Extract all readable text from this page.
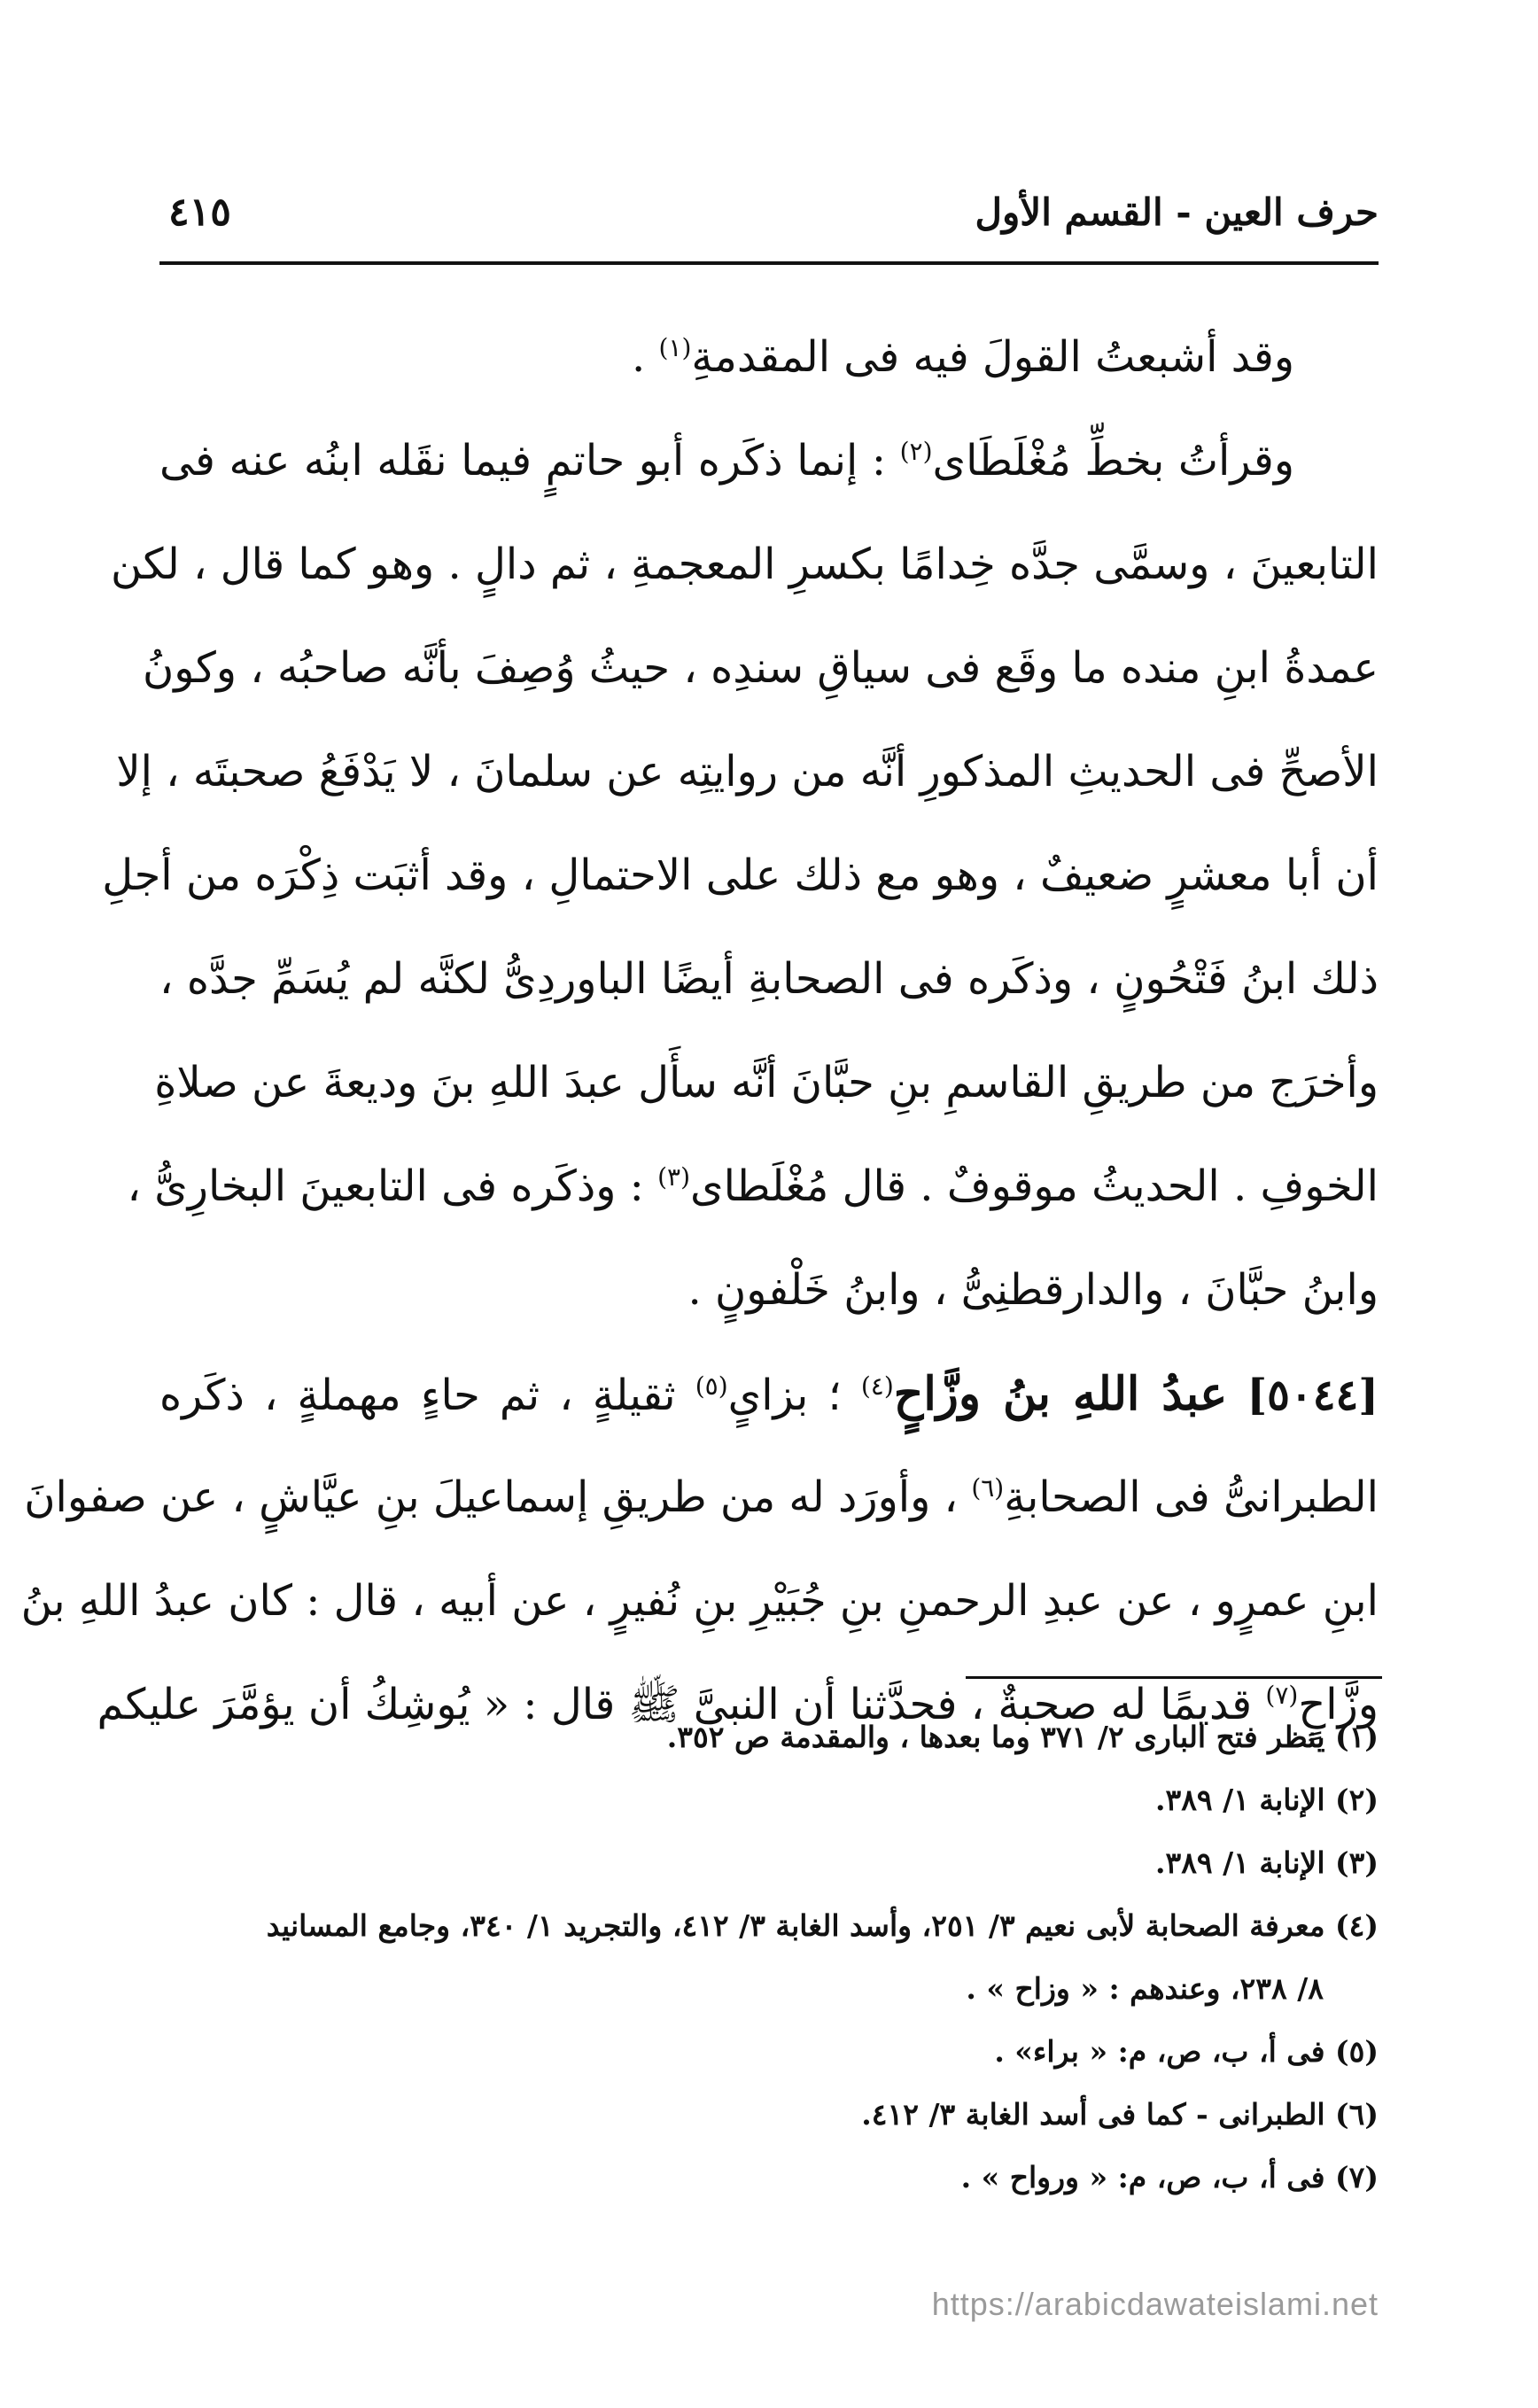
حرف العين - القسم الأول
٤١٥
وقد أشبعتُ القولَ فيه فى المقدمةِ$^{(١)}$ .
وقرأتُ بخطِّ مُغْلَطَاى$^{(٢)}$ : إنما ذكَره أبو حاتمٍ فيما نقَله ابنُه عنه فى
التابعينَ ، وسمَّى جدَّه خِدامًا بكسرِ المعجمةِ ، ثم دالٍ . وهو كما قال ، لكن
عمدةُ ابنِ منده ما وقَع فى سياقِ سندِه ، حيثُ وُصِفَ بأنَّه صاحبُه ، وكونُ
الأصحِّ فى الحديثِ المذكورِ أنَّه من روايتِه عن سلمانَ ، لا يَدْفَعُ صحبتَه ، إلا
أن أبا معشرٍ ضعيفٌ ، وهو مع ذلك على الاحتمالِ ، وقد أثبَت ذِكْرَه من أجلِ
ذلك ابنُ فَتْحُونٍ ، وذكَره فى الصحابةِ أيضًا الباوردِىُّ لكنَّه لم يُسَمِّ جدَّه ،
وأخرَج من طريقِ القاسمِ بنِ حبَّانَ أنَّه سأَل عبدَ اللهِ بنَ وديعةَ عن صلاةِ
الخوفِ . الحديثُ موقوفٌ . قال مُغْلَطاى$^{(٣)}$ : وذكَره فى التابعينَ البخارِىُّ ،
وابنُ حبَّانَ ، والدارقطنِىُّ ، وابنُ خَلْفونٍ .
[٥٠٤٤] عبدُ اللهِ بنُ وزَّاحٍ$^{(٤)}$ ؛ بزاىٍ$^{(٥)}$ ثقيلةٍ ، ثم حاءٍ مهملةٍ ، ذكَره
الطبرانىُّ فى الصحابةِ$^{(٦)}$ ، وأورَد له من طريقِ إسماعيلَ بنِ عيَّاشٍ ، عن صفوانَ
ابنِ عمرٍو ، عن عبدِ الرحمنِ بنِ جُبَيْرِ بنِ نُفيرٍ ، عن أبيه ، قال : كان عبدُ اللهِ بنُ
وزَّاحٍ$^{(٧)}$ قديمًا له صحبةٌ ، فحدَّثنا أن النبىَّ ﷺ قال : « يُوشِكُ أن يؤمَّرَ عليكم
(١) ينظر فتح البارى ٢/ ٣٧١ وما بعدها ، والمقدمة ص ٣٥٢.
(٢) الإنابة ١/ ٣٨٩.
(٣) الإنابة ١/ ٣٨٩.
(٤) معرفة الصحابة لأبى نعيم ٣/ ٢٥١، وأسد الغابة ٣/ ٤١٢، والتجريد ١/ ٣٤٠، وجامع المسانيد
٨/ ٢٣٨، وعندهم : « وزاح » .
(٥) فى أ، ب، ص، م: « براء» .
(٦) الطبرانى - كما فى أسد الغابة ٣/ ٤١٢.
(٧) فى أ، ب، ص، م: « ورواح » .
https://arabicdawateislami.net
